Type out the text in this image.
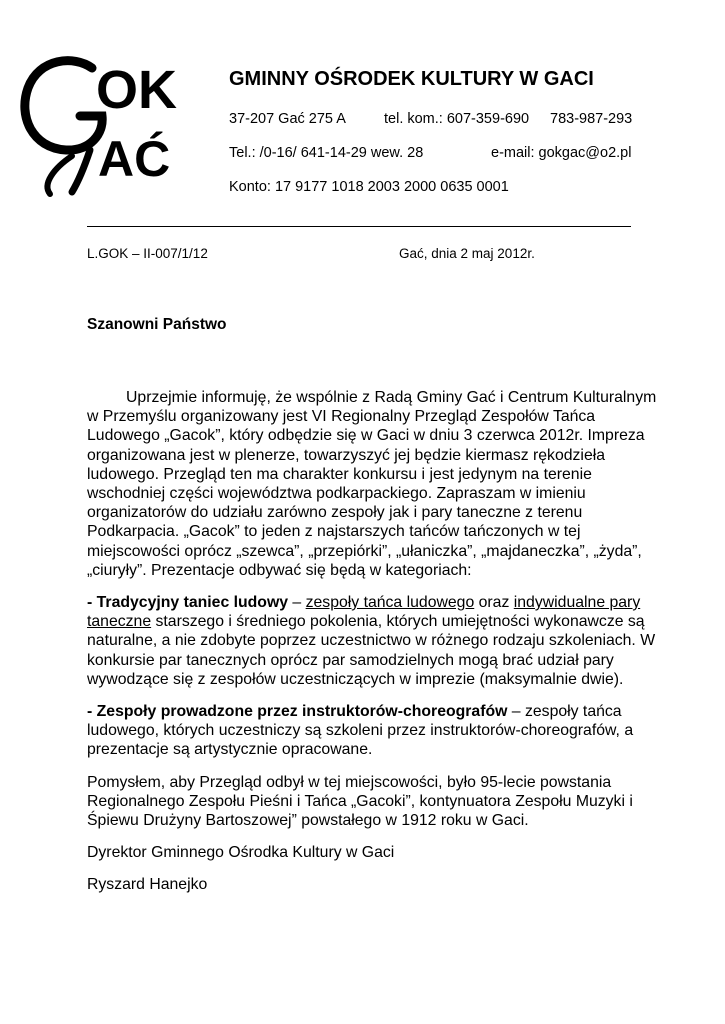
OK
AĆ
GMINNY OŚRODEK KULTURY W GACI
37-207 Gać 275 A	tel. kom.: 607-359-690 783-987-293
Tel.: /0-16/ 641-14-29 wew. 28	e-mail: gokgac@o2.pl
Konto: 17 9177 1018 2003 2000 0635 0001
L.GOK – II-007/1/12	Gać, dnia 2 maj 2012r.
Szanowni Państwo

Uprzejmie informuję, że wspólnie z Radą Gminy Gać i Centrum Kulturalnym w Przemyślu organizowany jest VI Regionalny Przegląd Zespołów Tańca Ludowego „Gacok”, który odbędzie się w Gaci w dniu 3 czerwca 2012r. Impreza organizowana jest w plenerze, towarzyszyć jej będzie kiermasz rękodzieła ludowego. Przegląd ten ma charakter konkursu i jest jedynym na terenie wschodniej części województwa podkarpackiego. Zapraszam w imieniu organizatorów do udziału zarówno zespoły jak i pary taneczne z terenu Podkarpacia. „Gacok” to jeden z najstarszych tańców tańczonych w tej miejscowości oprócz „szewca”, „przepiórki”, „ułaniczka”, „majdaneczka”, „żyda”, „ciuryły”. Prezentacje odbywać się będą w kategoriach:

- Tradycyjny taniec ludowy – zespoły tańca ludowego oraz indywidualne pary taneczne starszego i średniego pokolenia, których umiejętności wykonawcze są naturalne, a nie zdobyte poprzez uczestnictwo w różnego rodzaju szkoleniach. W konkursie par tanecznych oprócz par samodzielnych mogą brać udział pary wywodzące się z zespołów uczestniczących w imprezie (maksymalnie dwie).

- Zespoły prowadzone przez instruktorów-choreografów – zespoły tańca ludowego, których uczestniczy są szkoleni przez instruktorów-choreografów, a prezentacje są artystycznie opracowane.

Pomysłem, aby Przegląd odbył w tej miejscowości, było 95-lecie powstania Regionalnego Zespołu Pieśni i Tańca „Gacoki”, kontynuatora Zespołu Muzyki i Śpiewu Drużyny Bartoszowej” powstałego w 1912 roku w Gaci.

Dyrektor Gminnego Ośrodka Kultury w Gaci

Ryszard Hanejko
